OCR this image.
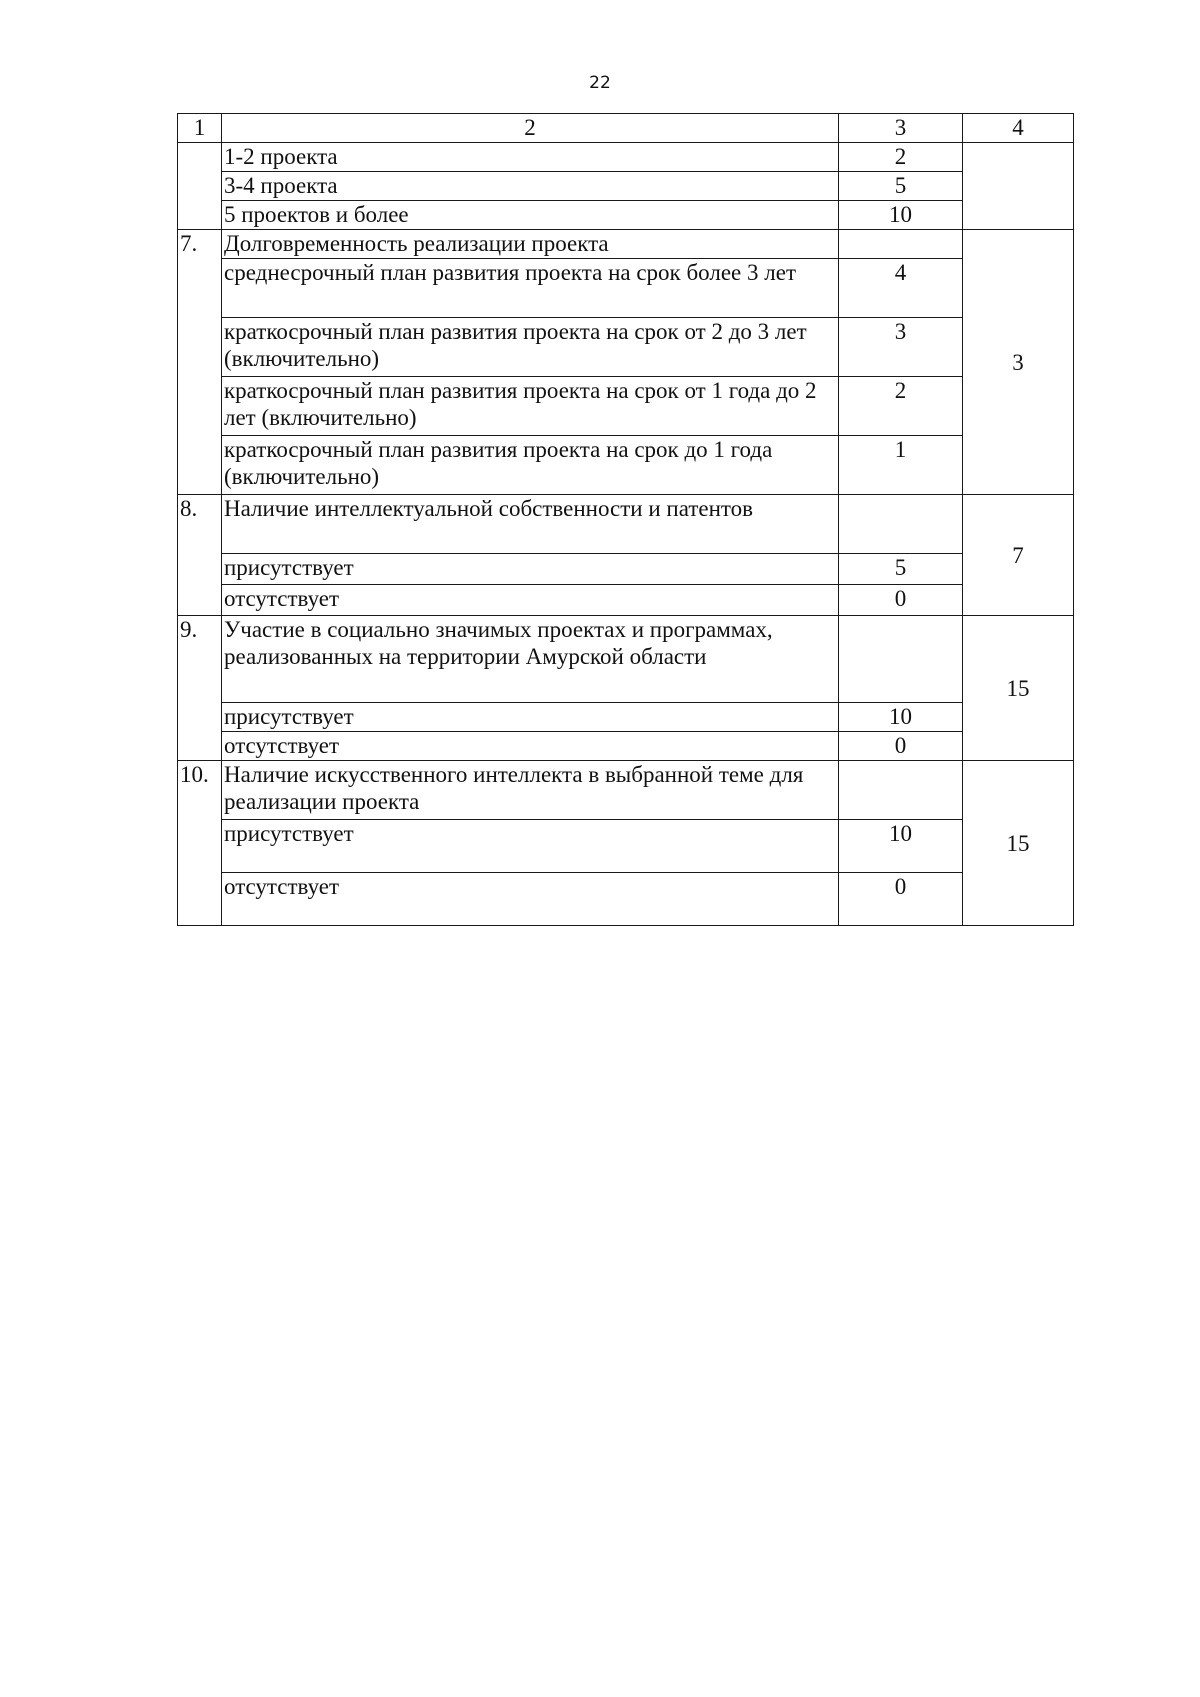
22
1	2	3	4
	1-2 проекта	2	
	3-4 проекта	5	
	5 проектов и более	10	
7.	Долговременность реализации проекта		3
	среднесрочный план развития проекта на срок более 3 лет	4	
	краткосрочный план развития проекта на срок от 2 до 3 лет (включительно)	3	
	краткосрочный план развития проекта на срок от 1 года до 2 лет (включительно)	2	
	краткосрочный план развития проекта на срок до 1 года (включительно)	1	
8.	Наличие интеллектуальной собственности и патентов		7
	присутствует	5	
	отсутствует	0	
9.	Участие в социально значимых проектах и программах, реализованных на территории Амурской области		15
	присутствует	10	
	отсутствует	0	
10.	Наличие искусственного интеллекта в выбранной теме для реализации проекта		15
	присутствует	10	
	отсутствует	0	
